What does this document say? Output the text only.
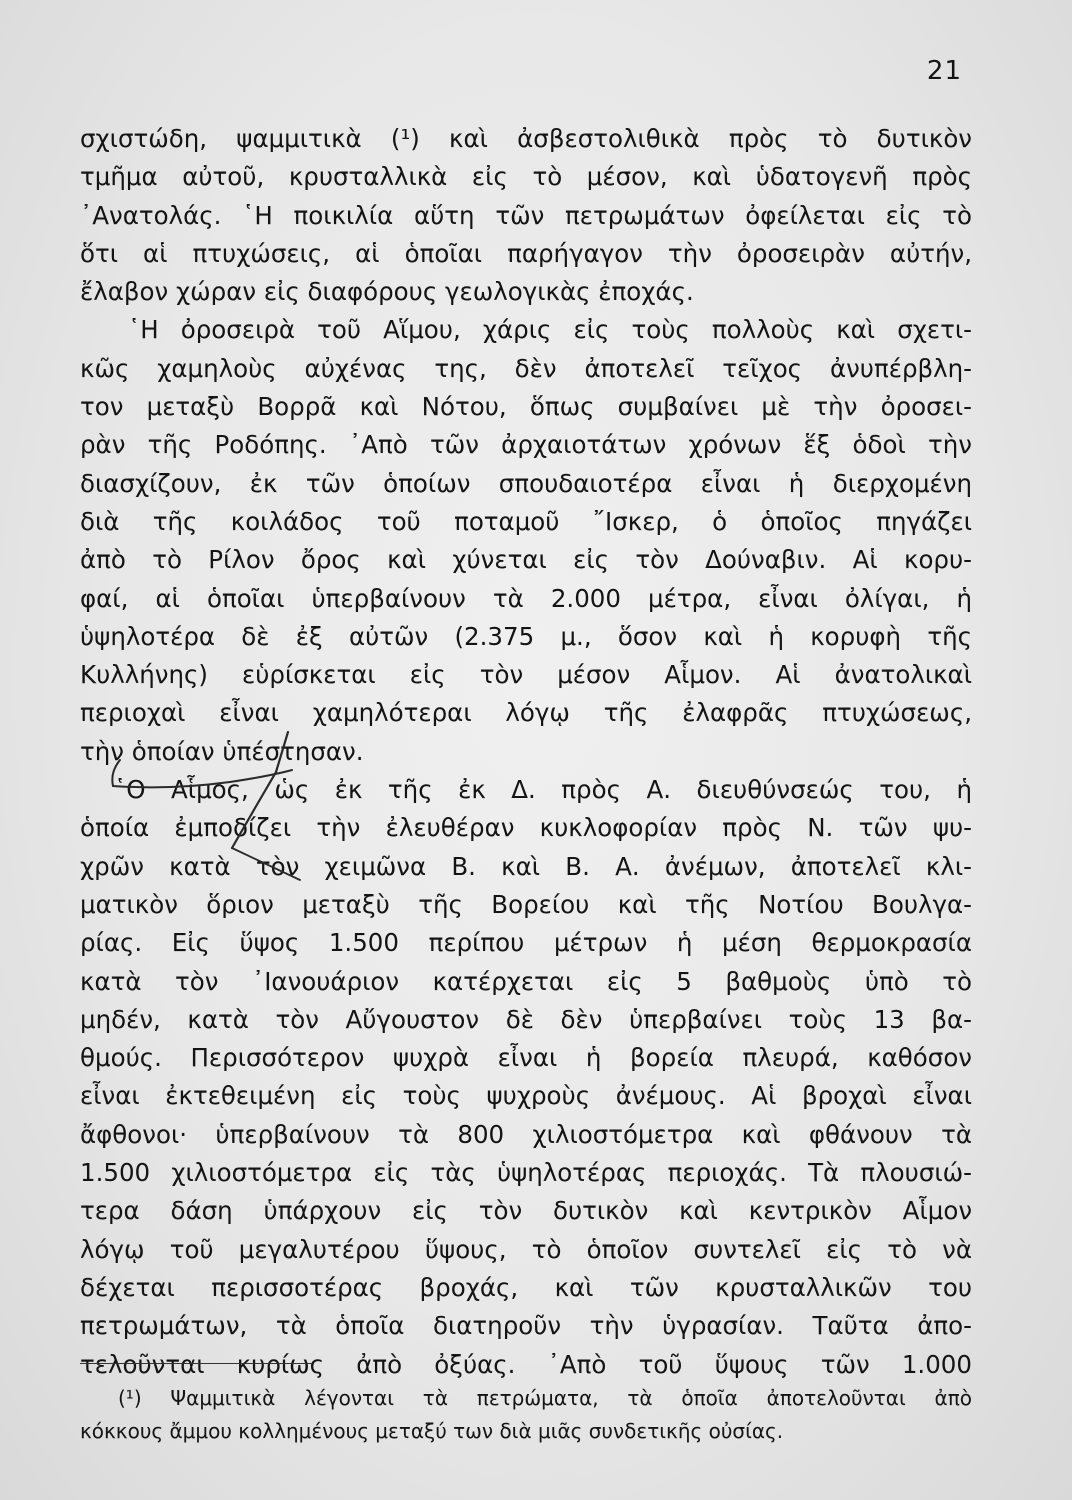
21
σχιστώδη, ψαμμιτικὰ (¹) καὶ ἀσβεστολιθικὰ πρὸς τὸ δυτικὸν
τμῆμα αὐτοῦ, κρυσταλλικὰ εἰς τὸ μέσον, καὶ ὑδατογενῆ πρὸς
᾿Ανατολάς. ῾Η ποικιλία αὕτη τῶν πετρωμάτων ὀφείλεται εἰς τὸ
ὅτι αἱ πτυχώσεις, αἱ ὁποῖαι παρήγαγον τὴν ὀροσειρὰν αὐτήν,
ἔλαβον χώραν εἰς διαφόρους γεωλογικὰς ἐποχάς.
῾Η ὀροσειρὰ τοῦ Αἵμου, χάρις εἰς τοὺς πολλοὺς καὶ σχετι-
κῶς χαμηλοὺς αὐχένας της, δὲν ἀποτελεῖ τεῖχος ἀνυπέρβλη-
τον μεταξὺ Βορρᾶ καὶ Νότου, ὅπως συμβαίνει μὲ τὴν ὀροσει-
ρὰν τῆς Ροδόπης. ᾿Απὸ τῶν ἀρχαιοτάτων χρόνων ἕξ ὁδοὶ τὴν
διασχίζουν, ἐκ τῶν ὁποίων σπουδαιοτέρα εἶναι ἡ διερχομένη
διὰ τῆς κοιλάδος τοῦ ποταμοῦ ῎Ισκερ, ὁ ὁποῖος πηγάζει
ἀπὸ τὸ Ρίλον ὄρος καὶ χύνεται εἰς τὸν Δούναβιν. Αἱ κορυ-
φαί, αἱ ὁποῖαι ὑπερβαίνουν τὰ 2.000 μέτρα, εἶναι ὀλίγαι, ἡ
ὑψηλοτέρα δὲ ἐξ αὐτῶν (2.375 μ., ὅσον καὶ ἡ κορυφὴ τῆς
Κυλλήνης) εὑρίσκεται εἰς τὸν μέσον Αἷμον. Αἱ ἀνατολικαὶ
περιοχαὶ εἶναι χαμηλότεραι λόγῳ τῆς ἐλαφρᾶς πτυχώσεως,
τὴν ὁποίαν ὑπέστησαν.
῾Ο Αἷμος, ὡς ἐκ τῆς ἐκ Δ. πρὸς Α. διευθύνσεώς του, ἡ
ὁποία ἐμποδίζει τὴν ἐλευθέραν κυκλοφορίαν πρὸς Ν. τῶν ψυ-
χρῶν κατὰ τὸν χειμῶνα Β. καὶ Β. Α. ἀνέμων, ἀποτελεῖ κλι-
ματικὸν ὅριον μεταξὺ τῆς Βορείου καὶ τῆς Νοτίου Βουλγα-
ρίας. Εἰς ὕψος 1.500 περίπου μέτρων ἡ μέση θερμοκρασία
κατὰ τὸν ᾿Ιανουάριον κατέρχεται εἰς 5 βαθμοὺς ὑπὸ τὸ
μηδέν, κατὰ τὸν Αὔγουστον δὲ δὲν ὑπερβαίνει τοὺς 13 βα-
θμούς. Περισσότερον ψυχρὰ εἶναι ἡ βορεία πλευρά, καθόσον
εἶναι ἐκτεθειμένη εἰς τοὺς ψυχροὺς ἀνέμους. Αἱ βροχαὶ εἶναι
ἄφθονοι· ὑπερβαίνουν τὰ 800 χιλιοστόμετρα καὶ φθάνουν τὰ
1.500 χιλιοστόμετρα εἰς τὰς ὑψηλοτέρας περιοχάς. Τὰ πλουσιώ-
τερα δάση ὑπάρχουν εἰς τὸν δυτικὸν καὶ κεντρικὸν Αἷμον
λόγῳ τοῦ μεγαλυτέρου ὕψους, τὸ ὁποῖον συντελεῖ εἰς τὸ νὰ
δέχεται περισσοτέρας βροχάς, καὶ τῶν κρυσταλλικῶν του
πετρωμάτων, τὰ ὁποῖα διατηροῦν τὴν ὑγρασίαν. Ταῦτα ἀπο-
τελοῦνται κυρίως ἀπὸ ὀξύας. ᾿Απὸ τοῦ ὕψους τῶν 1.000
(¹) Ψαμμιτικὰ λέγονται τὰ πετρώματα, τὰ ὁποῖα ἀποτελοῦνται ἀπὸ
κόκκους ἄμμου κολλημένους μεταξύ των διὰ μιᾶς συνδετικῆς οὐσίας.
